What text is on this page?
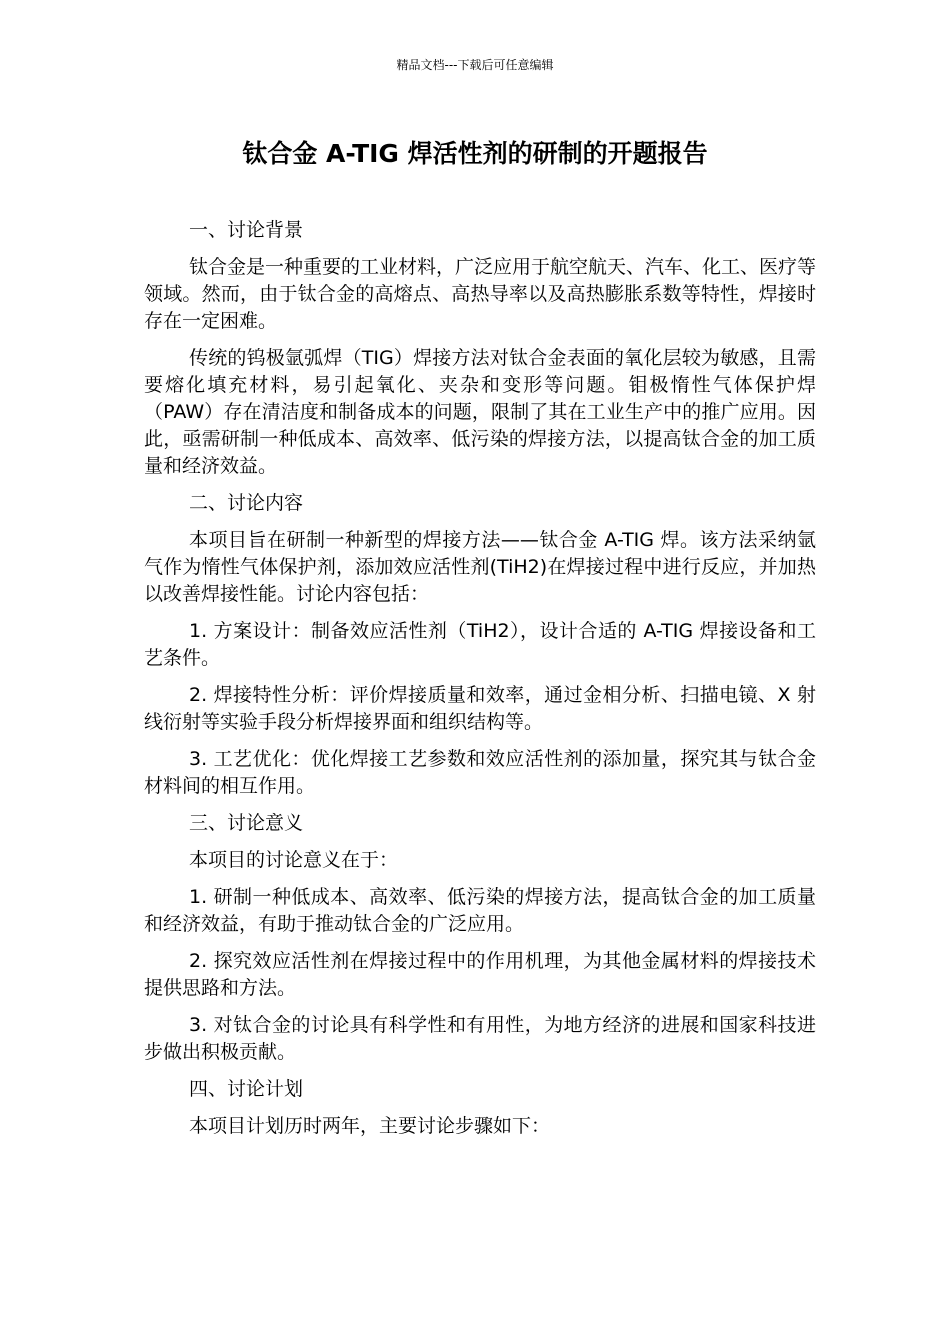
精品文档---下载后可任意编辑
钛合金 A-TIG 焊活性剂的研制的开题报告

一、讨论背景

钛合金是一种重要的工业材料，广泛应用于航空航天、汽车、化工、医疗等领域。然而，由于钛合金的高熔点、高热导率以及高热膨胀系数等特性，焊接时存在一定困难。

传统的钨极氩弧焊（TIG）焊接方法对钛合金表面的氧化层较为敏感，且需要熔化填充材料，易引起氧化、夹杂和变形等问题。钼极惰性气体保护焊（PAW）存在清洁度和制备成本的问题，限制了其在工业生产中的推广应用。因此，亟需研制一种低成本、高效率、低污染的焊接方法，以提高钛合金的加工质量和经济效益。

二、讨论内容

本项目旨在研制一种新型的焊接方法——钛合金 A-TIG 焊。该方法采纳氩气作为惰性气体保护剂，添加效应活性剂(TiH2)在焊接过程中进行反应，并加热以改善焊接性能。讨论内容包括：

1. 方案设计：制备效应活性剂（TiH2），设计合适的 A-TIG 焊接设备和工艺条件。

2. 焊接特性分析：评价焊接质量和效率，通过金相分析、扫描电镜、X 射线衍射等实验手段分析焊接界面和组织结构等。

3. 工艺优化：优化焊接工艺参数和效应活性剂的添加量，探究其与钛合金材料间的相互作用。

三、讨论意义

本项目的讨论意义在于：

1. 研制一种低成本、高效率、低污染的焊接方法，提高钛合金的加工质量和经济效益，有助于推动钛合金的广泛应用。

2. 探究效应活性剂在焊接过程中的作用机理，为其他金属材料的焊接技术提供思路和方法。

3. 对钛合金的讨论具有科学性和有用性，为地方经济的进展和国家科技进步做出积极贡献。

四、讨论计划

本项目计划历时两年，主要讨论步骤如下：
